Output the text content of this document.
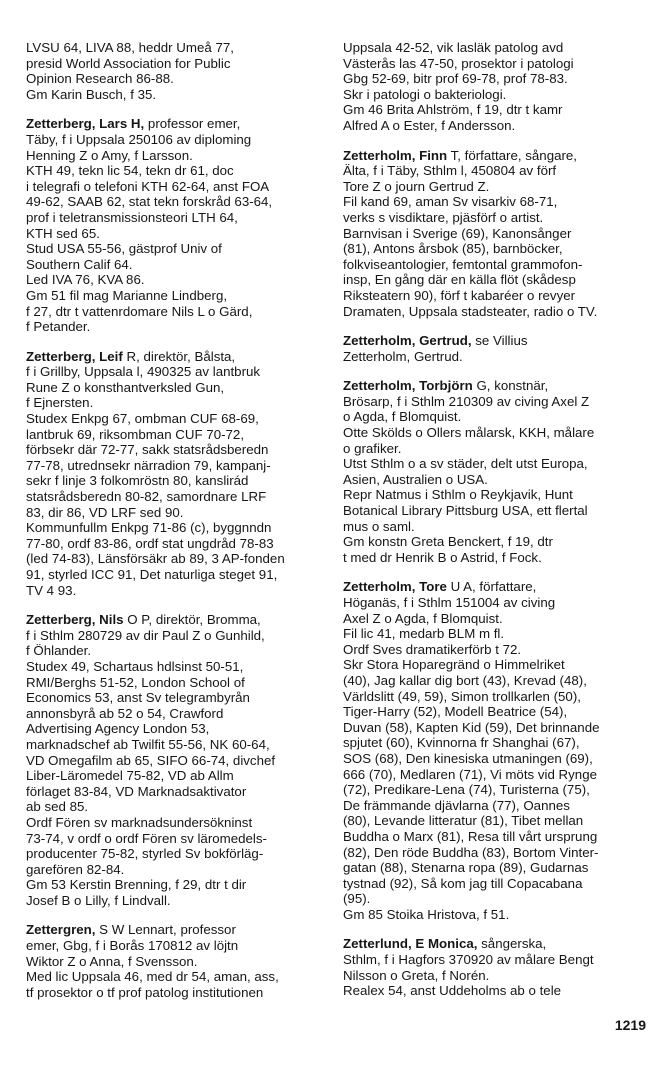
LVSU 64, LIVA 88, heddr Umeå 77,
presid World Association for Public
Opinion Research 86-88.
Gm Karin Busch, f 35.
Zetterberg, Lars H, professor emer,
Täby, f i Uppsala 250106 av diploming
Henning Z o Amy, f Larsson.
KTH 49, tekn lic 54, tekn dr 61, doc
i telegrafi o telefoni KTH 62-64, anst FOA
49-62, SAAB 62, stat tekn forskråd 63-64,
prof i teletransmissionsteori LTH 64,
KTH sed 65.
Stud USA 55-56, gästprof Univ of
Southern Calif 64.
Led IVA 76, KVA 86.
Gm 51 fil mag Marianne Lindberg,
f 27, dtr t vattenrdomare Nils L o Gärd,
f Petander.
Zetterberg, Leif R, direktör, Bålsta,
f i Grillby, Uppsala l, 490325 av lantbruk
Rune Z o konsthantverksled Gun,
f Ejnersten.
Studex Enkpg 67, ombman CUF 68-69,
lantbruk 69, riksombman CUF 70-72,
förbsekr där 72-77, sakk statsrådsberedn
77-78, utrednsekr närradion 79, kampanj-
sekr f linje 3 folkomröstn 80, kanslirád
statsrådsberedn 80-82, samordnare LRF
83, dir 86, VD LRF sed 90.
Kommunfullm Enkpg 71-86 (c), byggnndn
77-80, ordf 83-86, ordf stat ungdråd 78-83
(led 74-83), Länsförsäkr ab 89, 3 AP-fonden
91, styrled ICC 91, Det naturliga steget 91,
TV 4 93.
Zetterberg, Nils O P, direktör, Bromma,
f i Sthlm 280729 av dir Paul Z o Gunhild,
f Öhlander.
Studex 49, Schartaus hdlsinst 50-51,
RMI/Berghs 51-52, London School of
Economics 53, anst Sv telegrambyrån
annonsbyrå ab 52 o 54, Crawford
Advertising Agency London 53,
marknadschef ab Twilfit 55-56, NK 60-64,
VD Omegafilm ab 65, SIFO 66-74, divchef
Liber-Läromedel 75-82, VD ab Allm
förlaget 83-84, VD Marknadsaktivator
ab sed 85.
Ordf Fören sv marknadsundersökninst
73-74, v ordf o ordf Fören sv läromedels-
producenter 75-82, styrled Sv bokförläg-
garefören 82-84.
Gm 53 Kerstin Brenning, f 29, dtr t dir
Josef B o Lilly, f Lindvall.
Zettergren, S W Lennart, professor
emer, Gbg, f i Borås 170812 av löjtn
Wiktor Z o Anna, f Svensson.
Med lic Uppsala 46, med dr 54, aman, ass,
tf prosektor o tf prof patolog institutionen
Uppsala 42-52, vik lasläk patolog avd
Västerås las 47-50, prosektor i patologi
Gbg 52-69, bitr prof 69-78, prof 78-83.
Skr i patologi o bakteriologi.
Gm 46 Brita Ahlström, f 19, dtr t kamr
Alfred A o Ester, f Andersson.
Zetterholm, Finn T, författare, sångare,
Älta, f i Täby, Sthlm l, 450804 av förf
Tore Z o journ Gertrud Z.
Fil kand 69, aman Sv visarkiv 68-71,
verks s visdiktare, pjäsförf o artist.
Barnvisan i Sverige (69), Kanonsånger
(81), Antons årsbok (85), barnböcker,
folkviseantologier, femtontal grammofon-
insp, En gång där en källa flöt (skådesp
Riksteatern 90), förf t kabaréer o revyer
Dramaten, Uppsala stadsteater, radio o TV.
Zetterholm, Gertrud, se Villius
Zetterholm, Gertrud.
Zetterholm, Torbjörn G, konstnär,
Brösarp, f i Sthlm 210309 av civing Axel Z
o Agda, f Blomquist.
Otte Skölds o Ollers målarsk, KKH, målare
o grafiker.
Utst Sthlm o a sv städer, delt utst Europa,
Asien, Australien o USA.
Repr Natmus i Sthlm o Reykjavik, Hunt
Botanical Library Pittsburg USA, ett flertal
mus o saml.
Gm konstn Greta Benckert, f 19, dtr
t med dr Henrik B o Astrid, f Fock.
Zetterholm, Tore U A, författare,
Höganäs, f i Sthlm 151004 av civing
Axel Z o Agda, f Blomquist.
Fil lic 41, medarb BLM m fl.
Ordf Sves dramatikerförb t 72.
Skr Stora Hoparegränd o Himmelriket
(40), Jag kallar dig bort (43), Krevad (48),
Världslitt (49, 59), Simon trollkarlen (50),
Tiger-Harry (52), Modell Beatrice (54),
Duvan (58), Kapten Kid (59), Det brinnande
spjutet (60), Kvinnorna fr Shanghai (67),
SOS (68), Den kinesiska utmaningen (69),
666 (70), Medlaren (71), Vi möts vid Rynge
(72), Predikare-Lena (74), Turisterna (75),
De främmande djävlarna (77), Oannes
(80), Levande litteratur (81), Tibet mellan
Buddha o Marx (81), Resa till vårt ursprung
(82), Den röde Buddha (83), Bortom Vinter-
gatan (88), Stenarna ropa (89), Gudarnas
tystnad (92), Så kom jag till Copacabana
(95).
Gm 85 Stoika Hristova, f 51.
Zetterlund, E Monica, sångerska,
Sthlm, f i Hagfors 370920 av målare Bengt
Nilsson o Greta, f Norén.
Realex 54, anst Uddeholms ab o tele
1219
